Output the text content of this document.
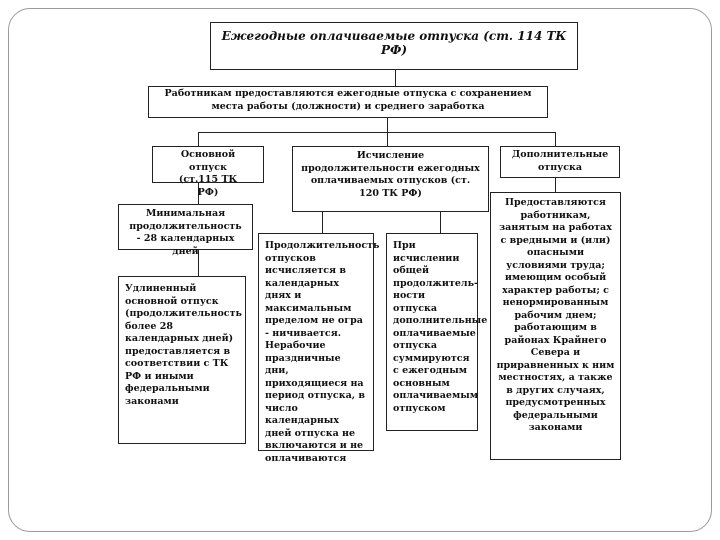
Ежегодные оплачиваемые отпуска (ст. 114 ТК РФ)
Работникам предоставляются ежегодные отпуска с сохранением места работы (должности) и среднего заработка
Основной отпуск (ст.115 ТК РФ)
Исчисление продолжительности ежегодных оплачиваемых отпусков (ст. 120 ТК РФ)
Дополнительные отпуска
Минимальная продолжительность - 28 календарных дней
Удлиненный основной отпуск (продолжительность более 28 календарных дней) предоставляется в соответствии с ТК РФ и иными федеральными законами
Продолжительность отпусков исчисляется в календарных днях и максимальным пределом не огра - ничивается. Нерабочие праздничные дни, приходящиеся на период отпуска, в число календарных дней отпуска не включаются и не оплачиваются
При исчислении общей продолжитель-ности отпуска дополнительные оплачиваемые отпуска суммируются с ежегодным основным оплачиваемым отпуском
Предоставляются работникам, занятым на работах с вредными и (или) опасными условиями труда; имеющим особый характер работы; с ненормированным рабочим днем; работающим в районах Крайнего Севера и приравненных к ним местностях, а также в других случаях, предусмотренных федеральными законами
